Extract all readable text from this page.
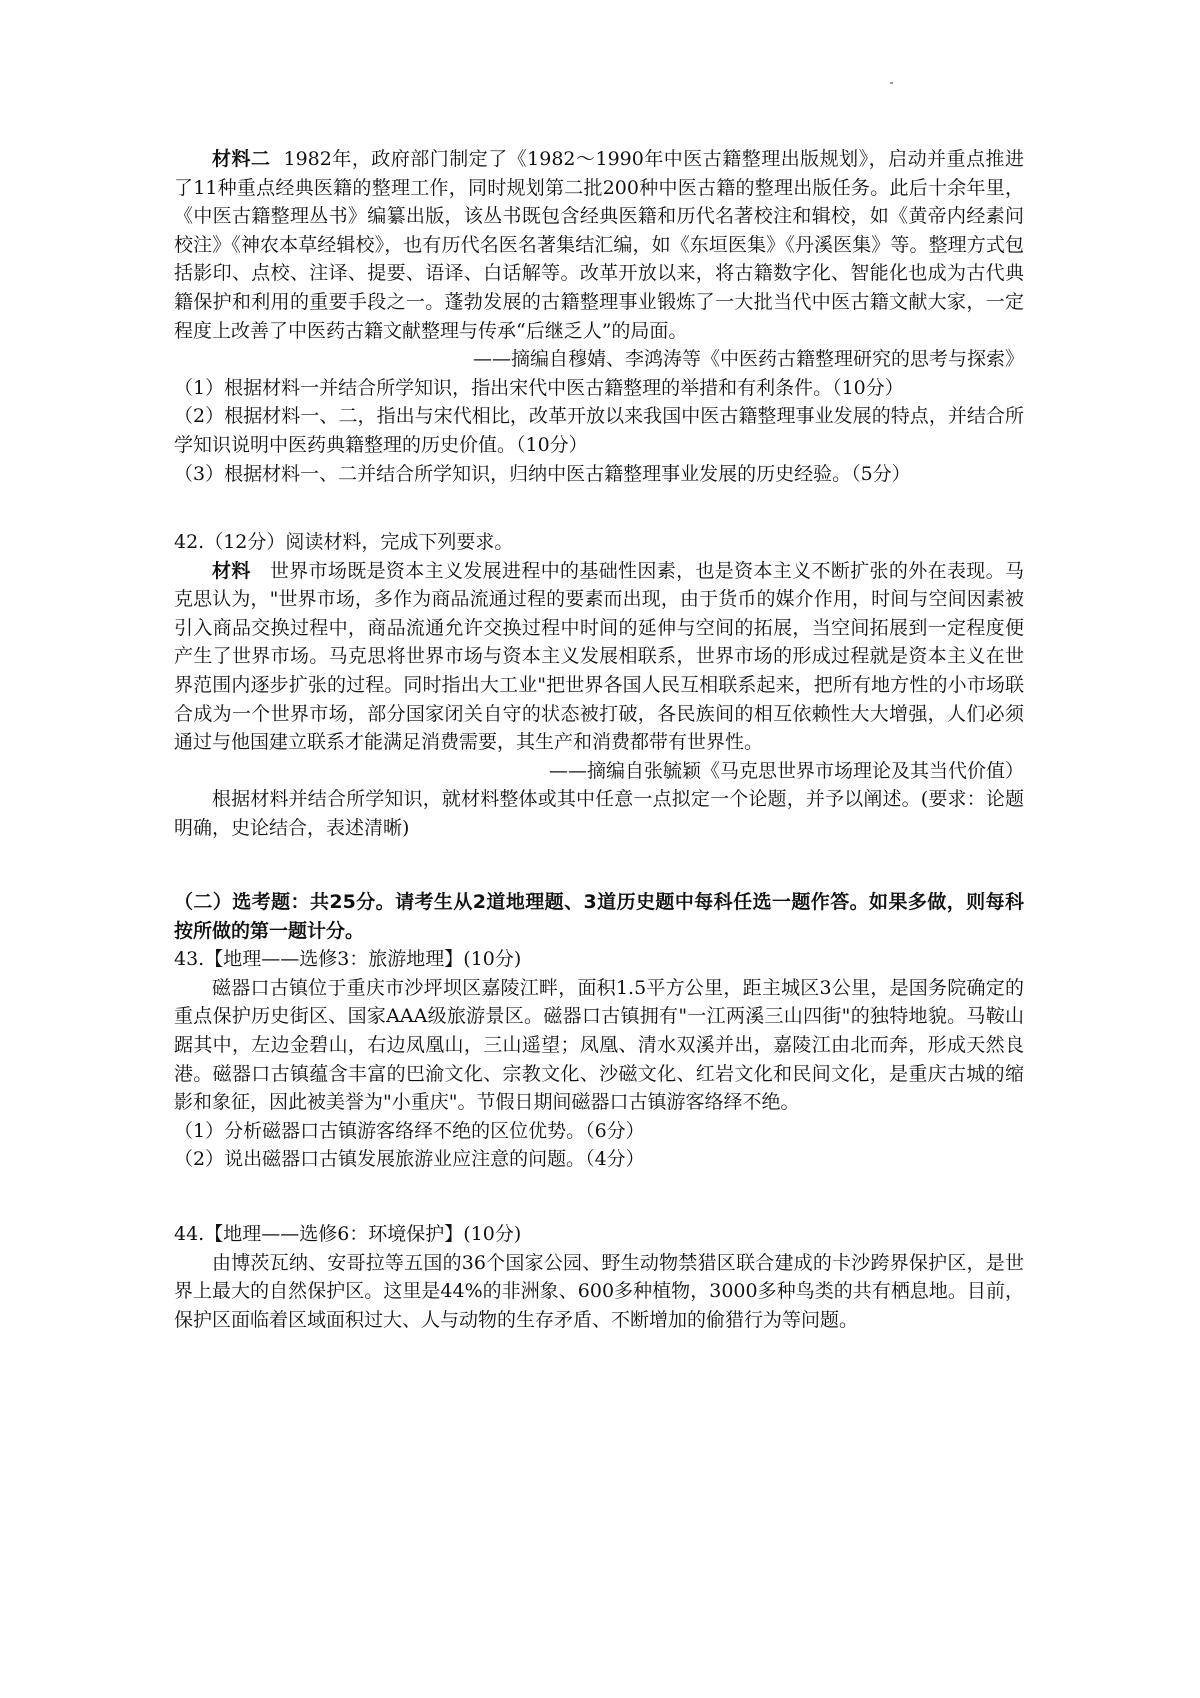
材料二 1982年，政府部门制定了《1982～1990年中医古籍整理出版规划》，启动并重点推进了11种重点经典医籍的整理工作，同时规划第二批200种中医古籍的整理出版任务。此后十余年里，《中医古籍整理丛书》编纂出版，该丛书既包含经典医籍和历代名著校注和辑校，如《黄帝内经素问校注》《神农本草经辑校》，也有历代名医名著集结汇编，如《东垣医集》《丹溪医集》等。整理方式包括影印、点校、注译、提要、语译、白话解等。改革开放以来，将古籍数字化、智能化也成为古代典籍保护和利用的重要手段之一。蓬勃发展的古籍整理事业锻炼了一大批当代中医古籍文献大家，一定程度上改善了中医药古籍文献整理与传承“后继乏人”的局面。

——摘编自穆婧、李鸿涛等《中医药古籍整理研究的思考与探索》

（1）根据材料一并结合所学知识，指出宋代中医古籍整理的举措和有利条件。（10分）

（2）根据材料一、二，指出与宋代相比，改革开放以来我国中医古籍整理事业发展的特点，并结合所学知识说明中医药典籍整理的历史价值。（10分）

（3）根据材料一、二并结合所学知识，归纳中医古籍整理事业发展的历史经验。（5分）

42.（12分）阅读材料，完成下列要求。

材料 世界市场既是资本主义发展进程中的基础性因素，也是资本主义不断扩张的外在表现。马克思认为，"世界市场，多作为商品流通过程的要素而出现，由于货币的媒介作用，时间与空间因素被引入商品交换过程中，商品流通允许交换过程中时间的延伸与空间的拓展，当空间拓展到一定程度便产生了世界市场。马克思将世界市场与资本主义发展相联系，世界市场的形成过程就是资本主义在世界范围内逐步扩张的过程。同时指出大工业"把世界各国人民互相联系起来，把所有地方性的小市场联合成为一个世界市场，部分国家闭关自守的状态被打破，各民族间的相互依赖性大大增强，人们必须通过与他国建立联系才能满足消费需要，其生产和消费都带有世界性。

——摘编自张毓颖《马克思世界市场理论及其当代价值）

根据材料并结合所学知识，就材料整体或其中任意一点拟定一个论题，并予以阐述。(要求：论题明确，史论结合，表述清晰)

（二）选考题：共25分。请考生从2道地理题、3道历史题中每科任选一题作答。如果多做，则每科按所做的第一题计分。

43.【地理——选修3：旅游地理】(10分)

磁器口古镇位于重庆市沙坪坝区嘉陵江畔，面积1.5平方公里，距主城区3公里，是国务院确定的重点保护历史街区、国家AAA级旅游景区。磁器口古镇拥有"一江两溪三山四街"的独特地貌。马鞍山踞其中，左边金碧山，右边凤凰山，三山遥望；凤凰、清水双溪并出，嘉陵江由北而奔，形成天然良港。磁器口古镇蕴含丰富的巴渝文化、宗教文化、沙磁文化、红岩文化和民间文化，是重庆古城的缩影和象征，因此被美誉为"小重庆"。节假日期间磁器口古镇游客络绎不绝。

（1）分析磁器口古镇游客络绎不绝的区位优势。（6分）

（2）说出磁器口古镇发展旅游业应注意的问题。（4分）

44.【地理——选修6：环境保护】(10分)

由博茨瓦纳、安哥拉等五国的36个国家公园、野生动物禁猎区联合建成的卡沙跨界保护区，是世界上最大的自然保护区。这里是44%的非洲象、600多种植物，3000多种鸟类的共有栖息地。目前，保护区面临着区域面积过大、人与动物的生存矛盾、不断增加的偷猎行为等问题。
